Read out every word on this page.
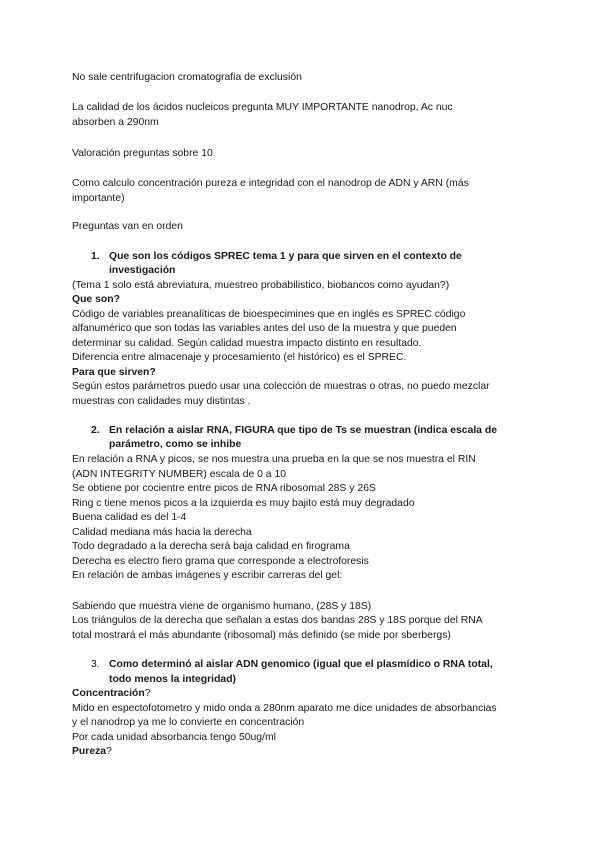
No sale centrifugacion cromatografia de exclusión
La calidad de los ácidos nucleicos pregunta MUY IMPORTANTE nanodrop, Ac nuc
absorben a 290nm
Valoración preguntas sobre 10
Como calculo concentración pureza e integridad con el nanodrop de ADN y ARN (más
importante)
Preguntas van en orden
1. Que son los códigos SPREC tema 1 y para que sirven en el contexto de
investigación
(Tema 1 solo está abreviatura, muestreo probabilistico, biobancos como ayudan?)
Que son?
Código de variables preanalíticas de bioespecimines que en inglés es SPREC código
alfanumérico que son todas las variables antes del uso de la muestra y que pueden
determinar su calidad. Según calidad muestra impacto distinto en resultado.
Diferencia entre almacenaje y procesamiento (el histórico) es el SPREC.
Para que sirven?
Según estos parámetros puedo usar una colección de muestras o otras, no puedo mezclar
muestras con calidades muy distintas .
2. En relación a aislar RNA, FIGURA que tipo de Ts se muestran (indica escala de
parámetro, como se inhibe
En relación a RNA y picos, se nos muestra una prueba en la que se nos muestra el RIN
(ADN INTEGRITY NUMBER) escala de 0 a 10
Se obtiene por cocientre entre picos de RNA ribosomal 28S y 26S
Ring c tiene menos picos a la izquierda es muy bajito está muy degradado
Buena calidad es del 1-4
Calidad mediana más hacia la derecha
Todo degradado a la derecha será baja calidad en firograma
Derecha es electro fiero grama que corresponde a electroforesis
En relación de ambas imágenes y escribir carreras del gel:
Sabiendo que muestra viene de organismo humano, (28S y 18S)
Los triángulos de la derecha que señalan a estas dos bandas 28S y 18S porque del RNA
total mostrará el más abundante (ribosomal) más definido (se mide por sberbergs)
3. Como determinó al aislar ADN genomico (igual que el plasmídico o RNA total,
todo menos la integridad)
Concentración?
Mido en espectofotometro y mido onda a 280nm aparato me dice unidades de absorbancias
y el nanodrop ya me lo convierte en concentración
Por cada unidad absorbancia tengo 50ug/ml
Pureza?
